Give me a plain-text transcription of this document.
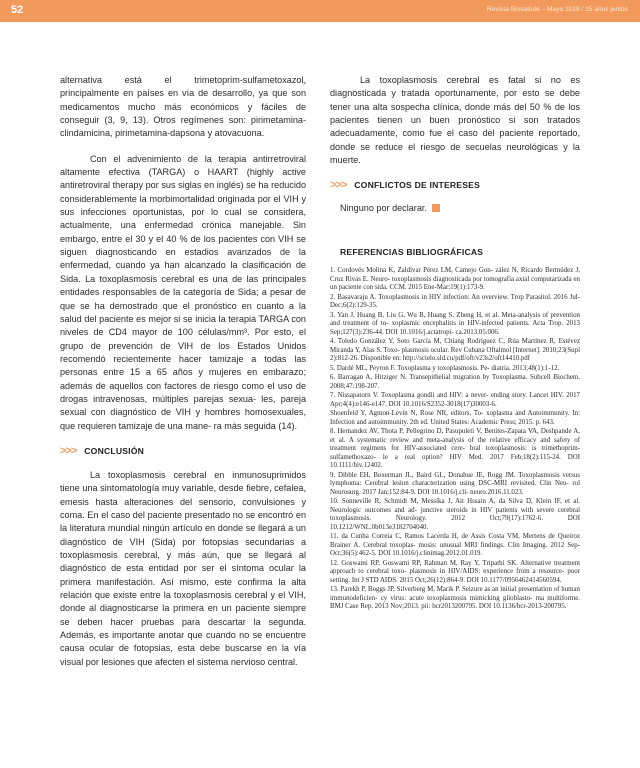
52	Revista Biosalúdé – Mayo 2019 / 15 años juntos

alternativa está el trimetoprim-sulfametoxazol, principalmente en países en vía de desarrollo, ya que son medicamentos mucho más económicos y fáciles de conseguir (3, 9, 13). Otros regímenes son: pirimetamina-clindamicina, pirimetamina-dapsona y atovacuona.

Con el advenimiento de la terapia antirretroviral altamente efectiva (TARGA) o HAART (highly active antiretroviral therapy por sus siglas en inglés) se ha reducido considerablemente la morbimortalidad originada por el VIH y sus infecciones oportunistas, por lo cual se considera, actualmente, una enfermedad crónica manejable. Sin embargo, entre el 30 y el 40 % de los pacientes con VIH se siguen diagnosticando en estadios avanzados de la enfermedad, cuando ya han alcanzado la clasificación de Sida. La toxoplasmosis cerebral es una de las principales entidades responsables de la categoría de Sida; a pesar de que se ha demostrado que el pronóstico en cuanto a la salud del paciente es mejor si se inicia la terapia TARGA con niveles de CD4 mayor de 100 células/mm³. Por esto, el grupo de prevención de VIH de los Estados Unidos recomendó recientemente hacer tamizaje a todas las personas entre 15 a 65 años y mujeres en embarazo; además de aquellos con factores de riesgo como el uso de drogas intravenosas, múltiples parejas sexua- les, pareja sexual con diagnóstico de VIH y hombres homosexuales, que requieren tamizaje de una mane- ra más seguida (14).

>>> CONCLUSIÓN

La toxoplasmosis cerebral en inmunosuprimidos tiene una sintomatología muy variable, desde fiebre, cefalea, emesis hasta alteraciones del sensorio, convulsiones y coma. En el caso del paciente presentado no se encontró en la literatura mundial ningún artículo en donde se llegará a un diagnóstico de VIH (Sida) por fotopsias secundarias a toxoplasmosis cerebral, y más aún, que se llegará al diagnóstico de esta entidad por ser el síntoma ocular la primera manifestación. Así mismo, este confirma la alta relación que existe entre la toxoplasmosis cerebral y el VIH, donde al diagnosticarse la primera en un paciente siempre se deben hacer pruebas para descartar la segunda. Además, es importante anotar que cuando no se encuentre causa ocular de fotopsias, esta debe buscarse en la vía visual por lesiones que afecten el sistema nervioso central.

La toxoplasmosis cerebral es fatal si no es diagnosticada y tratada oportunamente, por esto se debe tener una alta sospecha clínica, donde más del 50 % de los pacientes tienen un buen pronóstico si son tratados adecuadamente, como fue el caso del paciente reportado, donde se reduce el riesgo de secuelas neurológicas y la muerte.

>>> CONFLICTOS DE INTERESES
Ninguno por declarar.
REFERENCIAS BIBLIOGRÁFICAS

1. Cordovés Molina K, Zaldívar Pérez LM, Camejo Gon- zález N, Ricardo Bermúdez J, Cruz Rivas E. Neuro- toxoplasmosis diagnosticada por tomografía axial computarizada en un paciente con sida. CCM. 2015 Ene-Mar;19(1):173-9.

2. Basavaraju A. Toxoplasmosis in HIV infection: An overview. Trop Parasitol. 2016 Jul-Dec;6(2):129-35.

3. Yan J, Huang B, Liu G, Wu B, Huang S, Zheng H, et al. Meta-analysis of prevention and treatment of to- xoplasmic encephalitis in HIV-infected patients. Acta Trop. 2013 Sep;127(3):236-44. DOI 10.1016/j.actatropi- ca.2013.05.006.

4. Toledo González Y, Soto García M, Chiang Rodríguez C, Rúa Martínez R, Estévez Miranda Y, Alas S. Toxo- plasmosis ocular. Rev Cubana Oftalmol [Internet]. 2010;23(Supl 2):812-26. Disponible en: http://scielo.sld.cu/pdf/oft/v23s2/oft14410.pdf

5. Dardé ML, Peyron F. Toxoplasma y toxoplasmosis. Pe- diatria. 2013;48(1):1-12.

6. Barragan A, Hitziger N. Transepithelial migration by Toxoplasma. Subcell Biochem. 2008;47:198-207.

7. Nissapatorn V. Toxoplasma gondii and HIV: a never- ending story. Lancet HIV. 2017 Apr;4(4):e146-e147. DOI 10.1016/S2352-3018(17)30003-6.

Shoenfeld Y, Agmon-Levin N, Rose NR, editors. To- xoplasma and Autoimmunity. In: Infection and autoimmunity. 2th ed. United States: Academic Press; 2015. p. 643.

8. Hernandez AV, Thota P, Pellegrino D, Pasupuleti V, Benites-Zapata VA, Deshpande A, et al. A systematic review and meta-analysis of the relative efficacy and safety of treatment regimens for HIV-associated cere- bral toxoplasmosis: is trimethoprim-sulfamethoxazo- le a real option? HIV Med. 2017 Feb;18(2):115-24. DOI 10.1111/hiv.12402.

9. Dibble EH, Boxerman JL, Baird GL, Donahue JE, Rogg JM. Toxoplasmosis versus lymphoma: Cerebral lesion characterization using DSC-MRI revisited. Clin Neu- rol Neurosurg. 2017 Jan;152:84-9. DOI 10.1016/j.cli- neuro.2016.11.023.

10. Sonneville R, Schmidt M, Messika J, Ait Hssain A, da Silva D, Klein IF, et al. Neurologic outcomes and ad- junctive steroids in HIV patients with severe cerebral toxoplasmosis. Neurology. 2012 Oct;79(17):1762-6. DOI 10.1212/WNL.0b013e3182704040.

11. da Cunha Correia C, Ramos Lacerda H, de Assis Costa VM, Mertens de Queiroz Brainer A. Cerebral toxoplas- mosis: unusual MRI findings. Clin Imaging. 2012 Sep- Oct;36(5):462-5. DOI 10.1016/j.clinimag.2012.01.019.

12. Goswami RP, Goswami RP, Rahman M, Ray Y, Tripathi SK. Alternative treatment approach to cerebral toxo- plasmosis in HIV/AIDS: experience from a resource- poor setting. Int J STD AIDS. 2015 Oct;26(12):864-9. DOI 10.1177/0956462414560594.

13. Parekh P, Boggs JP, Silverberg M, Marik P. Seizure as an initial presentation of human immunodeficien- cy virus: acute toxoplasmosis mimicking glioblasto- ma multiforme. BMJ Case Rep. 2013 Nov;2013. pii: bcr2013200795. DOI 10.1136/bcr-2013-200795.
